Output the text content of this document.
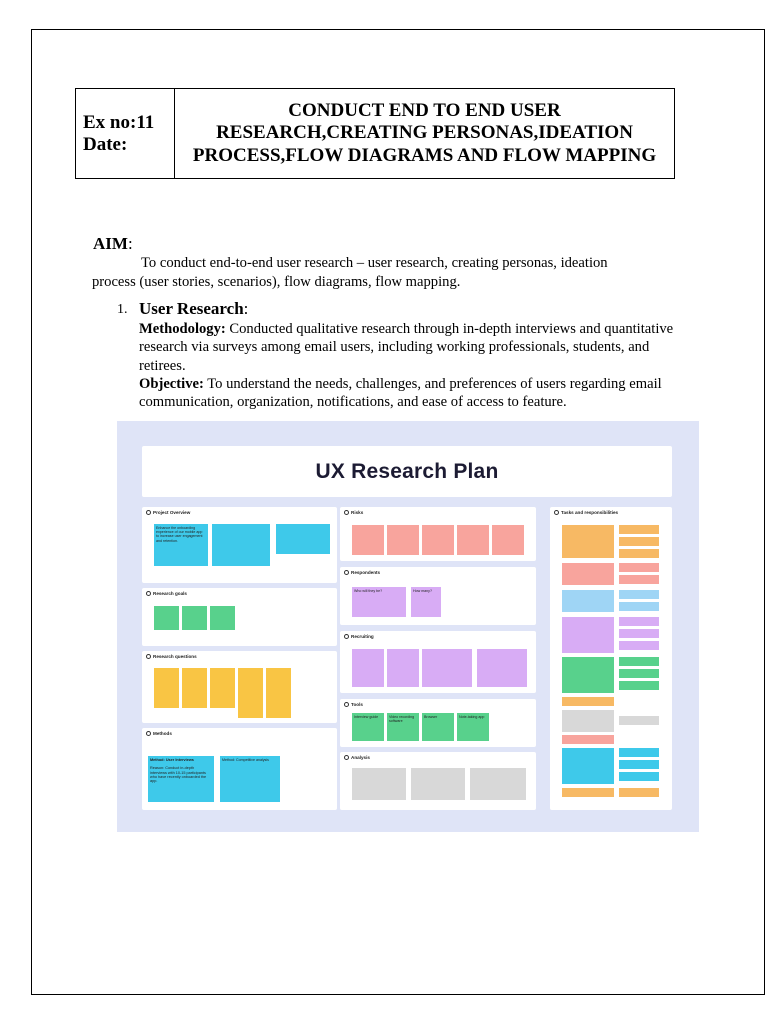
Ex no:11
Date:
CONDUCT END TO END USER RESEARCH,CREATING PERSONAS,IDEATION PROCESS,FLOW DIAGRAMS AND FLOW MAPPING
AIM:
To conduct end-to-end user research – user research, creating personas, ideation process (user stories, scenarios), flow diagrams, flow mapping.
1. User Research:
Methodology: Conducted qualitative research through in-depth interviews and quantitative research via surveys among email users, including working professionals, students, and retirees.
Objective: To understand the needs, challenges, and preferences of users regarding email communication, organization, notifications, and ease of access to feature.
UX Research Plan
Project Overview
Enhance the onboarding experience of our mobile app to increase user engagement and retention.
Research goals
Research questions
Methods
Method: User Interviews

Reason: Conduct in-depth interviews with 10-15 participants who have recently onboarded the app.
Method: Competitive analysis
Risks
Respondents
Who will they be?	How many?
Recruiting
Tools
Interview guide	Video recording software
Browser	Note-taking app
Analysis
Tasks and responsibilities
